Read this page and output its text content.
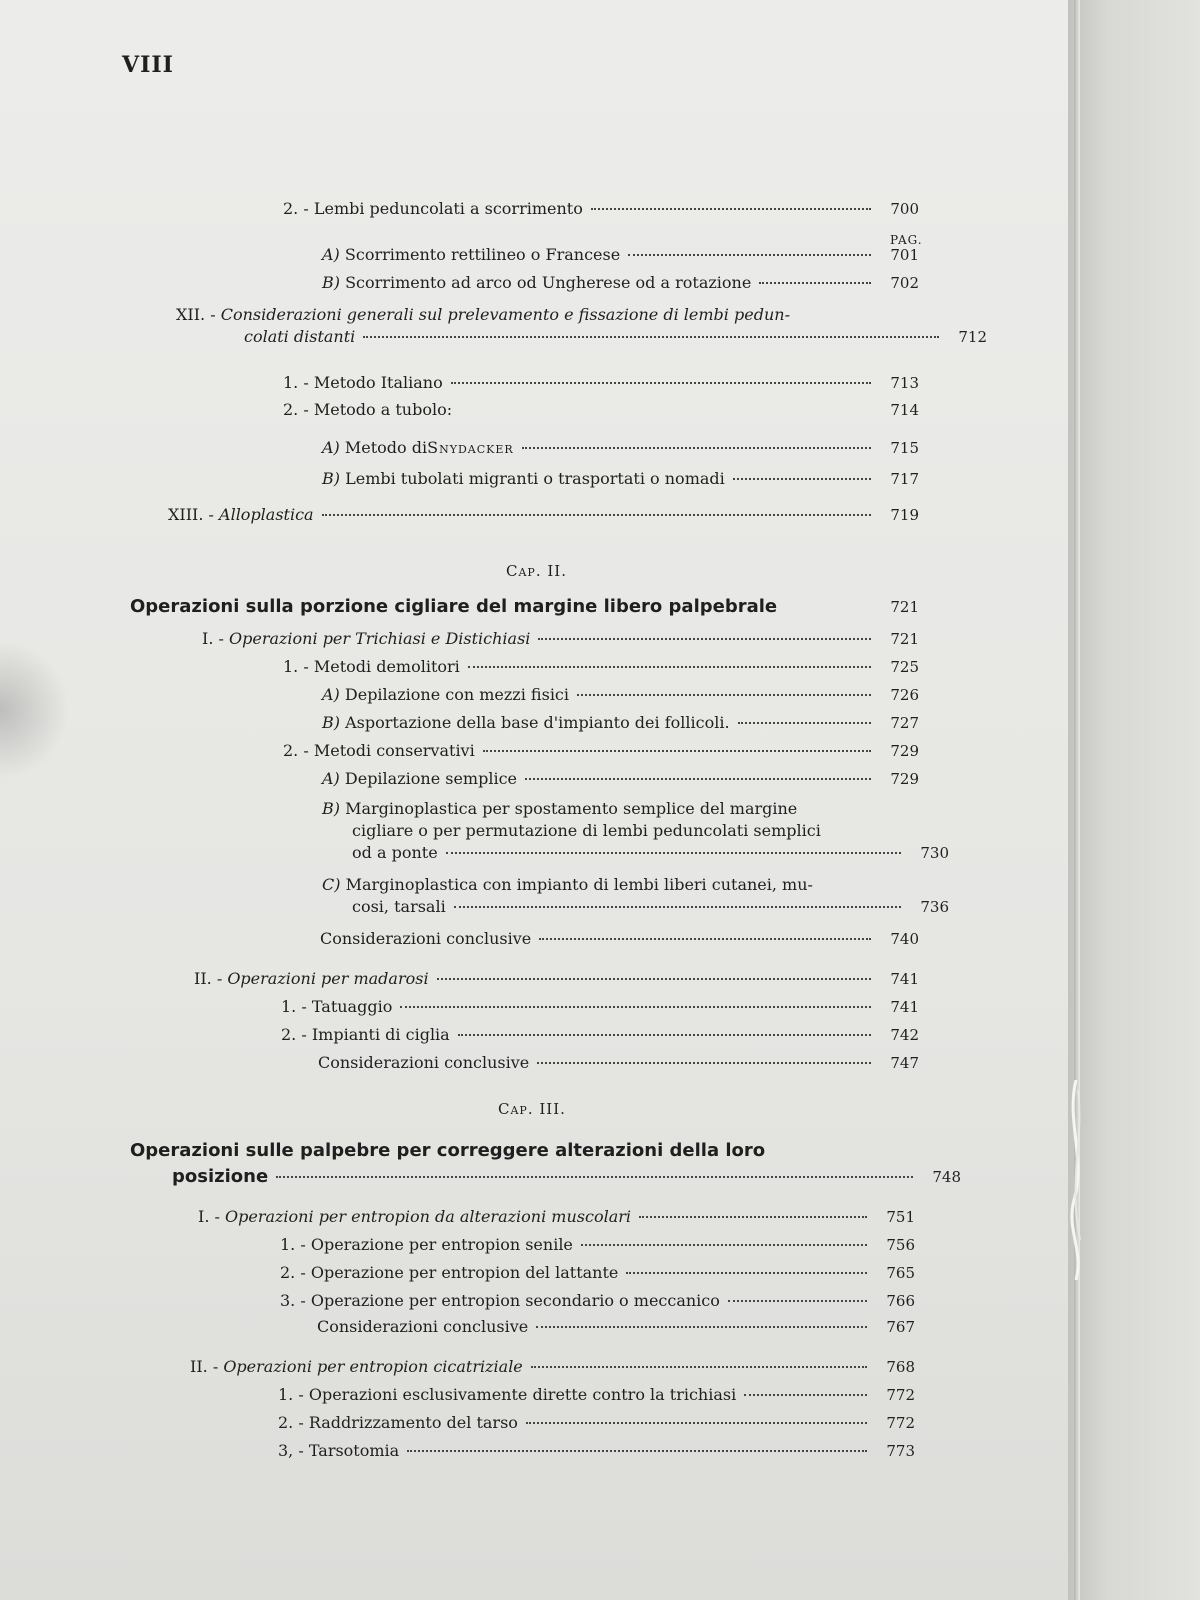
VIII
PAG.
2. - Lembi peduncolati a scorrimento	700
A) Scorrimento rettilineo o Francese	701
B) Scorrimento ad arco od Ungherese od a rotazione	702
XII. - Considerazioni generali sul prelevamento e fissazione di lembi pedun-
colati distanti	712
1. - Metodo Italiano	713
2. - Metodo a tubolo:	714
A) Metodo di Snydacker	715
B) Lembi tubolati migranti o trasportati o nomadi	717
XIII. - Alloplastica	719
Cap. II.
Operazioni sulla porzione cigliare del margine libero palpebrale	721
I. - Operazioni per Trichiasi e Distichiasi	721
1. - Metodi demolitori	725
A) Depilazione con mezzi fisici	726
B) Asportazione della base d'impianto dei follicoli.	727
2. - Metodi conservativi	729
A) Depilazione semplice	729
B) Marginoplastica per spostamento semplice del margine
cigliare o per permutazione di lembi peduncolati semplici
od a ponte	730
C) Marginoplastica con impianto di lembi liberi cutanei, mu-
cosi, tarsali	736
Considerazioni conclusive	740
II. - Operazioni per madarosi	741
1. - Tatuaggio	741
2. - Impianti di ciglia	742
Considerazioni conclusive	747
Cap. III.
Operazioni sulle palpebre per correggere alterazioni della loro
posizione	748
I. - Operazioni per entropion da alterazioni muscolari	751
1. - Operazione per entropion senile	756
2. - Operazione per entropion del lattante	765
3. - Operazione per entropion secondario o meccanico	766
Considerazioni conclusive	767
II. - Operazioni per entropion cicatriziale	768
1. - Operazioni esclusivamente dirette contro la trichiasi	772
2. - Raddrizzamento del tarso	772
3, - Tarsotomia	773
